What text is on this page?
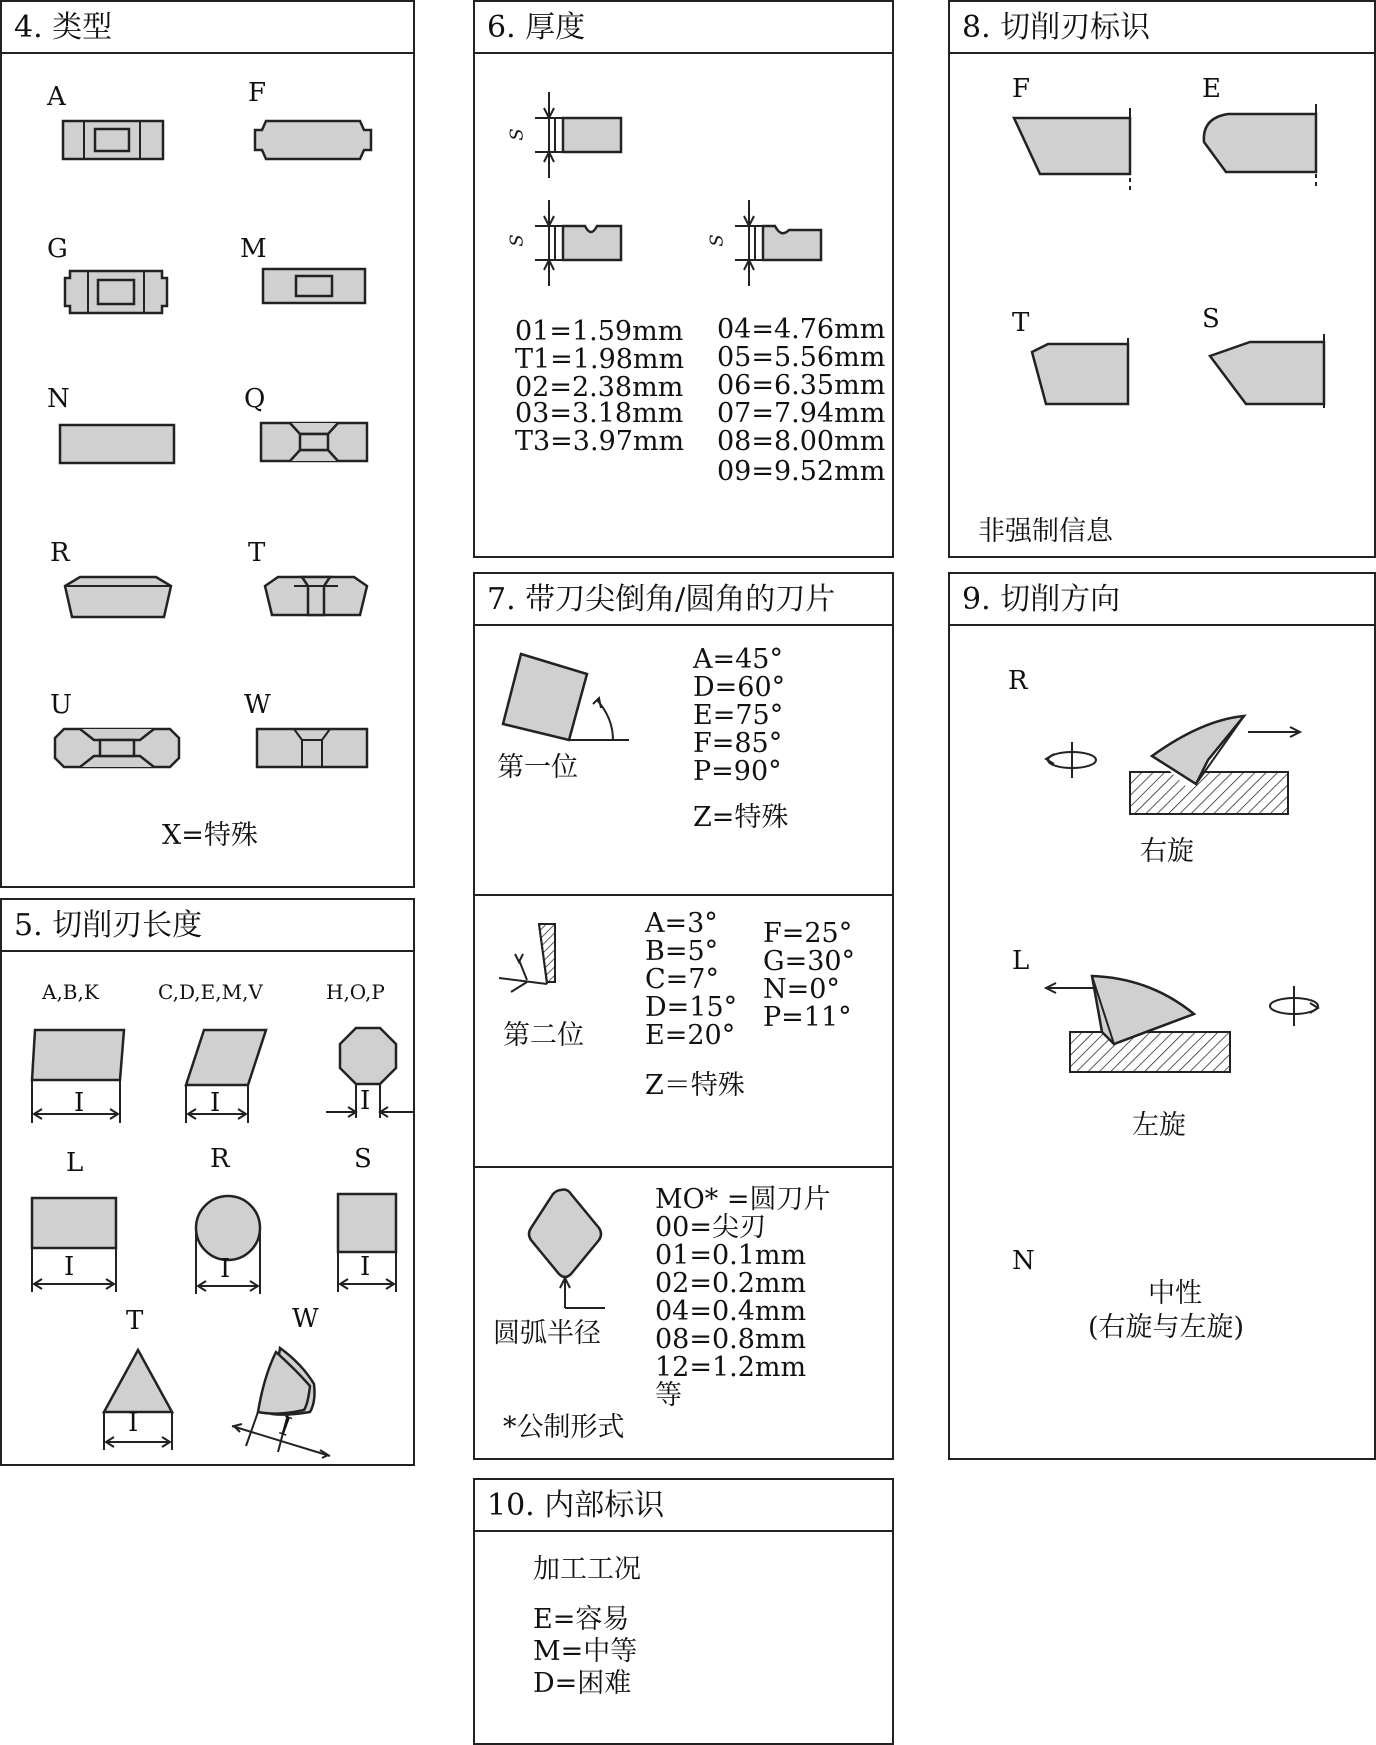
4. 类型
A	F
G	M
N	Q
R	T
U	W
X=特殊
5. 切削刃长度
A,B,K	C,D,E,M,V	H,O,P
I	I	I
L	R	S
I	I	I
T	W
I	I
6. 厚度
S
S	S
01=1.59mm
T1=1.98mm
02=2.38mm
03=3.18mm
T3=3.97mm
04=4.76mm
05=5.56mm
06=6.35mm
07=7.94mm
08=8.00mm
09=9.52mm
7. 带刀尖倒角/圆角的刀片
第一位
A=45°
D=60°
E=75°
F=85°
P=90°
Z=特殊
第二位
A=3°
B=5°
C=7°
D=15°
E=20°
F=25°
G=30°
N=0°
P=11°
Z＝特殊
圆弧半径
MO* =圆刀片
00=尖刃
01=0.1mm
02=0.2mm
04=0.4mm
08=0.8mm
12=1.2mm
等
*公制形式
10. 内部标识
加工工况
E=容易
M=中等
D=困难
8. 切削刃标识
F	E
T	S
非强制信息
9. 切削方向
R
右旋
L
左旋
N
中性
(右旋与左旋)
